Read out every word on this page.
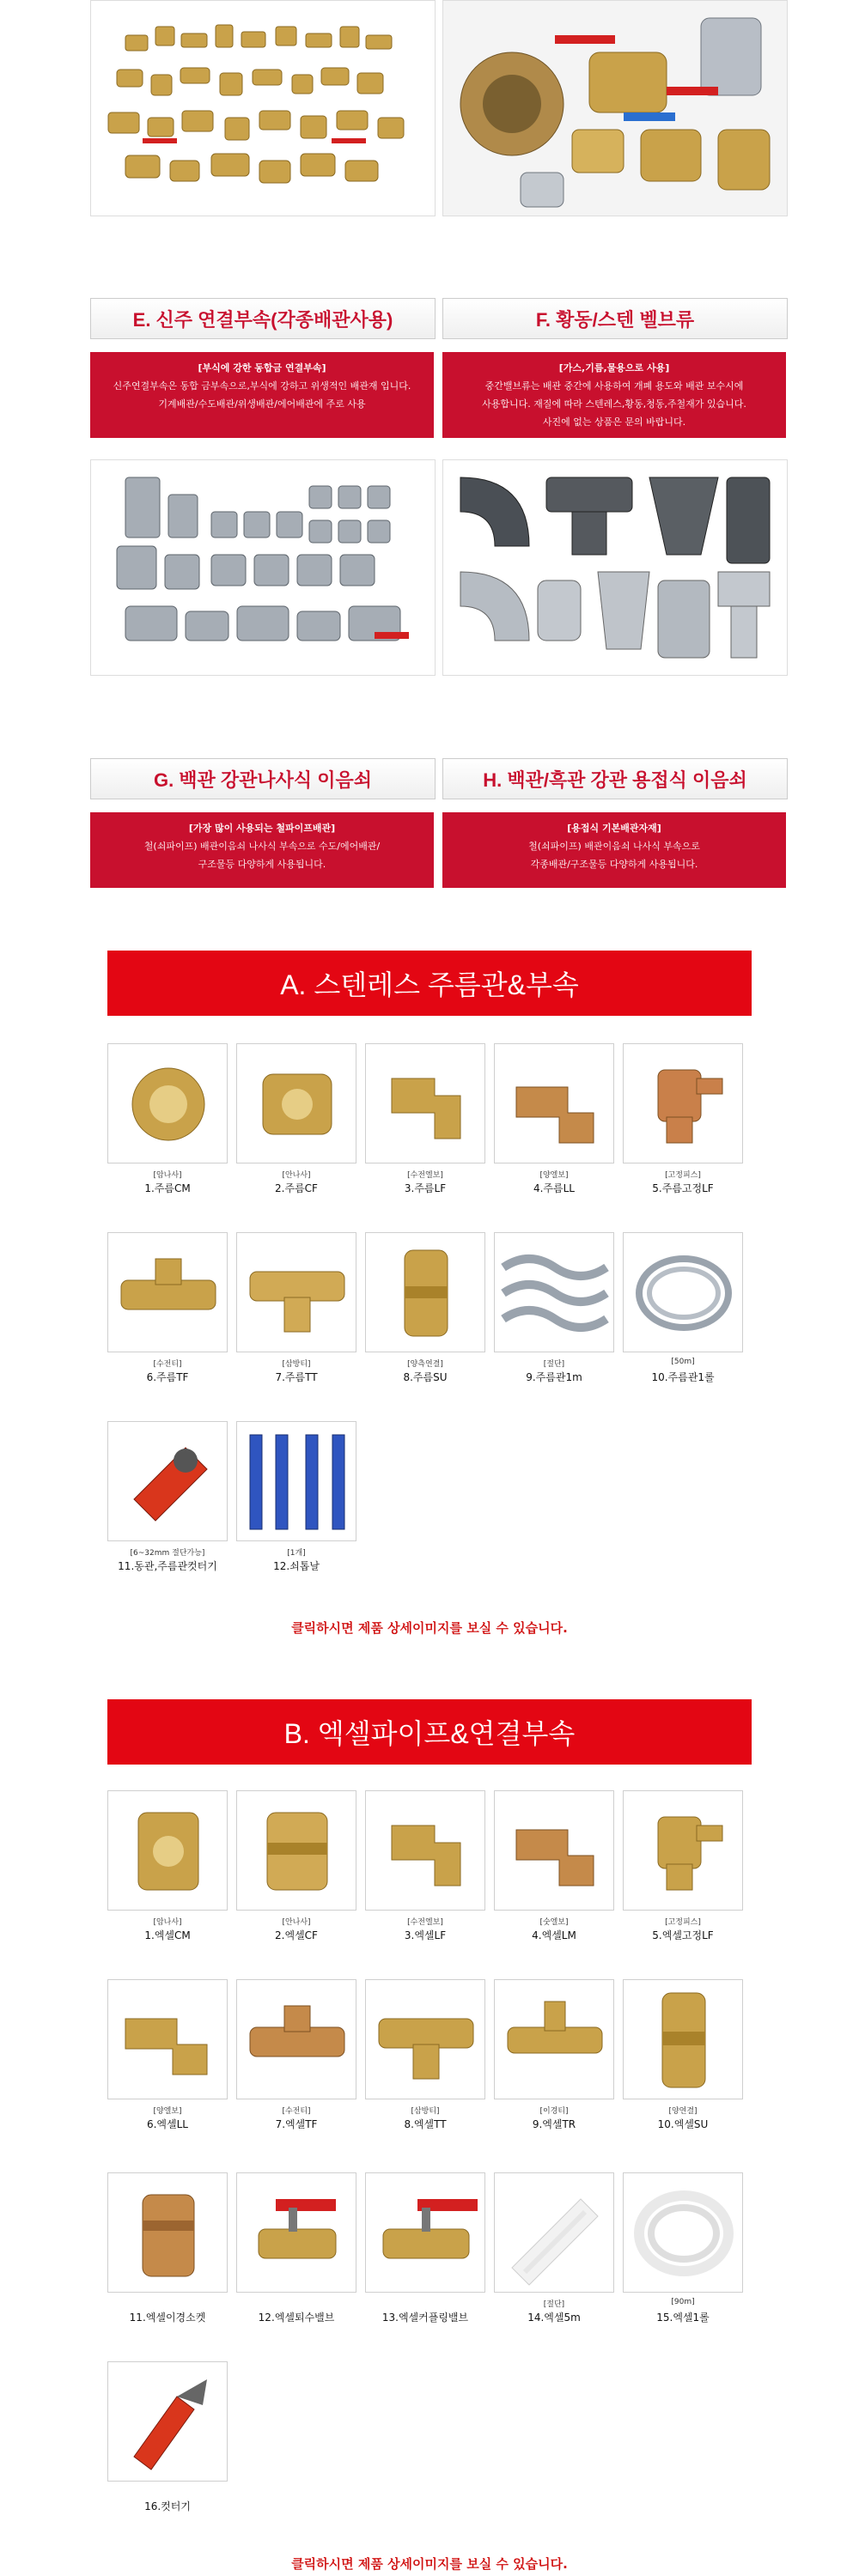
E. 신주 연결부속(각종배관사용)
[부식에 강한 동합금 연결부속]
신주연결부속은 동합 금부속으로,부식에 강하고 위생적인 배관재 입니다.
기계배관/수도배관/위생배관/에어배관에 주로 사용
F. 황동/스텐 벨브류
[가스,기름,물용으로 사용]
중간밸브류는 배관 중간에 사용하여 개폐 용도와 배관 보수시에
사용합니다. 재질에 따라 스텐레스,황동,청동,주철재가 있습니다.
사진에 없는 상품은 문의 바랍니다.
G. 백관 강관나사식 이음쇠
[가장 많이 사용되는 철파이프배관]
철(쇠파이프) 배관이음쇠 나사식 부속으로 수도/에어배관/
구조물등 다양하게 사용됩니다.
H. 백관/흑관 강관 용접식 이음쇠
[용접식 기본배관자재]
철(쇠파이프) 배관이음쇠 나사식 부속으로
각종배관/구조물등 다양하게 사용됩니다.
A. 스텐레스 주름관&부속
[암나사]
1.주름CM
[안나사]
2.주름CF
[수전엘보]
3.주름LF
[양엘보]
4.주름LL
[고정피스]
5.주름고정LF
[수전티]
6.주름TF
[삼방티]
7.주름TT
[양측연결]
8.주름SU
[절단]
9.주름관1m
[50m]
10.주름관1롤
[6~32mm 절단가능]
11.동관,주름관컷터기
[1개]
12.쇠톱날
클릭하시면 제품 상세이미지를 보실 수 있습니다.
B. 엑셀파이프&연결부속
[암나사]
1.엑셀CM
[안나사]
2.엑셀CF
[수전엘보]
3.엑셀LF
[숫엘보]
4.엑셀LM
[고정피스]
5.엑셀고정LF
[양엘보]
6.엑셀LL
[수전티]
7.엑셀TF
[삼방티]
8.엑셀TT
[이경티]
9.엑셀TR
[양연결]
10.엑셀SU
11.엑셀이경소켓	12.엑셀퇴수밸브	13.엑셀커플링밸브
[절단]
14.엑셀5m
[90m]
15.엑셀1롤
16.컷터기
클릭하시면 제품 상세이미지를 보실 수 있습니다.
